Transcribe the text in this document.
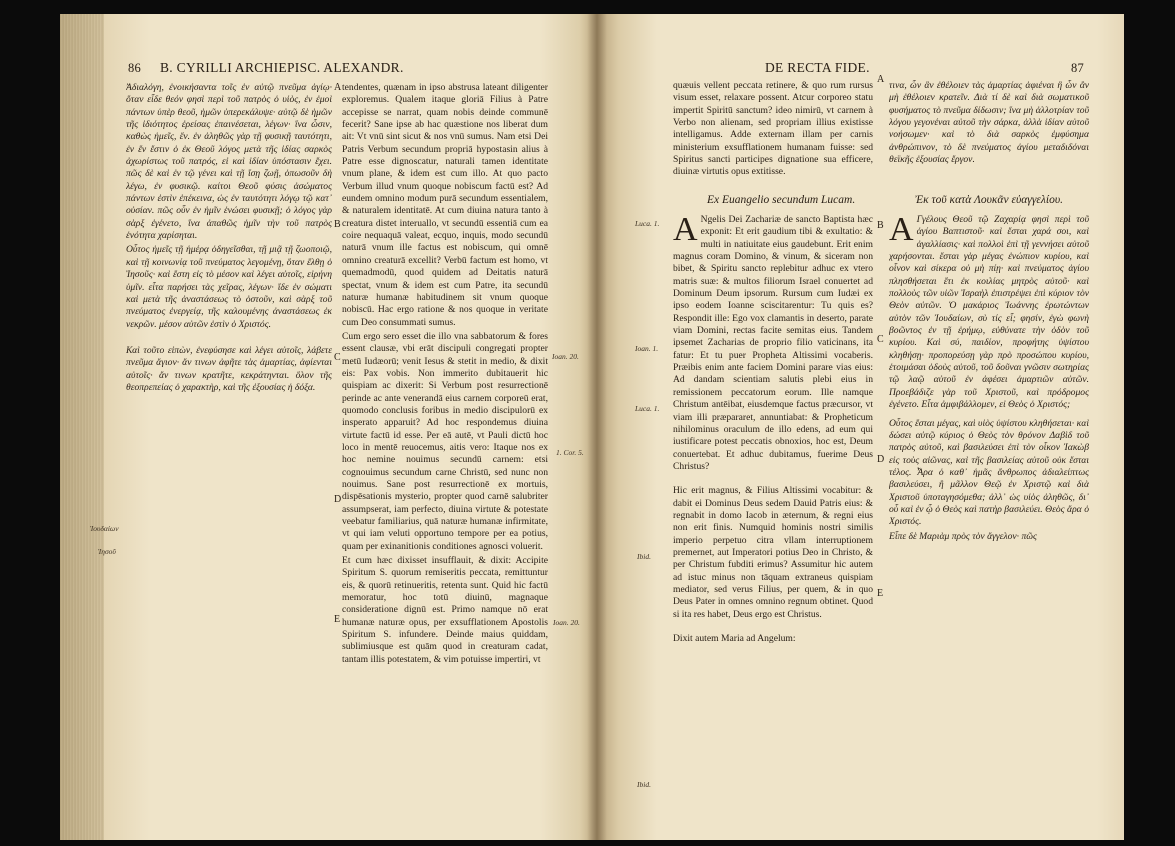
86 B. CYRILLI ARCHIEPISC. ALEXANDR.

Ἀδιαλόγη, ἐνοικήσαντα τοῖς ἐν αὐτῷ πνεῦμα ἀγίῳ· ὅταν εἶδε θεόν φησὶ περὶ τοῦ πατρὸς ὁ υἱὸς, ἐν ἐμοὶ πάντων ὑπὲρ θεοῦ, ἡμῶν ὑπερεκάλυψε· αὐτῷ δὲ ἡμῶν τῆς ἰδιότητος ἐρείσας ἐπαινέσεται, λέγων· ἵνα ὦσιν, καθὼς ἡμεῖς, ἕν. ἐν ἀληθῶς γὰρ τῇ φυσικῇ ταυτότητι, ἐν ἕν ἔστιν ὁ ἐκ Θεοῦ λόγος μετὰ τῆς ἰδίας σαρκὸς ἀχωρίστως τοῦ πατρός, εἰ καὶ ἰδίαν ὑπόστασιν ἔχει. πῶς δὲ καὶ ἐν τῷ γένει καὶ τῇ ἴσῃ ζωῇ, ὁπωσοῦν δὴ λέγω, ἐν φυσικῷ. καίτοι Θεοῦ φύσις ἀσώματος πάντων ἐστὶν ἐπέκεινα, ὡς ἐν ταυτότητι λόγῳ τῷ κατ᾽ οὐσίαν. πῶς οὖν ἐν ἡμῖν ἑνώσει φυσικῇ; ὁ λόγος γὰρ σὰρξ ἐγένετο, ἵνα ἀπαθῶς ἡμῖν τὴν τοῦ πατρὸς ἑνότητα χαρίσηται.

Οὗτος ἡμεῖς τῇ ἡμέρᾳ ὁδηγεῖσθαι, τῇ μιᾷ τῇ ζωοποιῷ, καὶ τῇ κοινωνίᾳ τοῦ πνεύματος λεγομένῃ, ὅταν ἔλθῃ ὁ Ἰησοῦς· καὶ ἔστη εἰς τὸ μέσον καὶ λέγει αὐτοῖς, εἰρήνη ὑμῖν. εἶτα παρήσει τὰς χεῖρας, λέγων· ἴδε ἐν σώματι καὶ μετὰ τῆς ἀναστάσεως τὸ ὀστοῦν, καὶ σὰρξ τοῦ πνεύματος ἐνεργείᾳ, τῆς καλουμένης ἀναστάσεως ἐκ νεκρῶν. μέσον αὐτῶν ἐστὶν ὁ Χριστός.

Καὶ τοῦτο εἰπὼν, ἐνεφύσησε καὶ λέγει αὐτοῖς, λάβετε πνεῦμα ἅγιον· ἄν τινων ἀφῆτε τὰς ἁμαρτίας, ἀφίενται αὐτοῖς· ἄν τινων κρατῆτε, κεκράτηνται. ὅλον τῆς θεοπρεπείας ὁ χαρακτὴρ, καὶ τῆς ἐξουσίας ἡ δόξα.

tendentes, quænam in ipso abstrusa lateant diligenter exploremus. Qualem itaque gloriā Filius à Patre accepisse se narrat, quam nobis deinde communē fecerit? Sane ipse ab hac quæstione nos liberat dum ait: Vt vnū sint sicut & nos vnū sumus. Nam etsi Dei Patris Verbum secundum propriā hypostasin alius à Patre esse dignoscatur, naturali tamen identitate vnum plane, & idem est cum illo. At quo pacto Verbum illud vnum quoque nobiscum factū est? Ad eundem omnino modum purā secundum essentialem, & naturalem identitatē. At cum diuina natura tanto à creatura distet interuallo, vt secundū essentiā cum ea coire nequaquā valeat, ecquo, inquis, modo secundū naturā vnum ille factus est nobiscum, qui omnē omnino creaturā excellit? Verbū factum est homo, vt quemadmodū, quod quidem ad Deitatis naturā spectat, vnum & idem est cum Patre, ita secundū naturæ humanæ habitudinem sit vnum quoque nobiscū. Hac ergo ratione & nos quoque in veritate cum Deo consummati sumus.

Cum ergo sero esset die illo vna sabbatorum & fores essent clausæ, vbi erāt discipuli congregati propter metū Iudæorū; venit Iesus & stetit in medio, & dixit eis: Pax vobis. Non immerito dubitauerit hic quispiam ac dixerit: Si Verbum post resurrectionē perinde ac ante venerandā eius carnem corporeū erat, quomodo conclusis foribus in medio discipulorū ex insperato apparuit? Ad hoc respondemus diuina virtute factū id esse. Per eā autē, vt Pauli dictū hoc loco in mentē reuocemus, aitis vero: Itaque nos ex hoc nemine nouimus secundū carnem: etsi cognouimus secundum carne Christū, sed nunc non nouimus. Sane post resurrectionē ex mortuis, dispēsationis mysterio, propter quod carnē salubriter assumpserat, iam perfecto, diuina virtute & potestate veebatur familiarius, quā naturæ humanæ infirmitate, vt qui iam veluti opportuno tempore per ea potius, quam per exinanitionis conditiones agnosci voluerit.

Et cum hæc dixisset insufflauit, & dixit: Accipite Spiritum S. quorum remiseritis peccata, remittuntur eis, & quorū retinueritis, retenta sunt. Quid hic factū memoratur, hoc totū diuinū, magnaque consideratione dignū est. Primo namque nō erat humanæ naturæ opus, per exsufflationem Apostolis Spiritum S. infundere. Deinde maius quiddam, sublimiusque est quām quod in creaturam cadat, tantam illis potestatem, & vim potuisse impertiri, vt

A
B
C
D
E
Ioan. 20.
1. Cor. 5.
Ioan. 20.
Ἰουδαίων
Ἰησοῦ
DE RECTA FIDE.	87
quæuis vellent peccata retinere, & quo rum rursus visum esset, relaxare possent. Atcur corporeo statu impertit Spiritū sanctum? ideo nimirū, vt carnem à Verbo non alienam, sed propriam illius existisse intelligamus. Adde externam illam per carnis ministerium exsufflationem humanam fuisse: sed Spiritus sancti participes dignatione sua efficere, diuinæ virtutis opus extitisse.
τινα, ὧν ἂν ἐθέλοιεν τὰς ἁμαρτίας ἀφιέναι ἢ ὧν ἂν μὴ ἐθέλοιεν κρατεῖν. Διὰ τί δὲ καὶ διὰ σωματικοῦ φυσήματος τὸ πνεῦμα δίδωσιν; ἵνα μὴ ἀλλοτρίαν τοῦ λόγου γεγονέναι αὐτοῦ τὴν σάρκα, ἀλλὰ ἰδίαν αὐτοῦ νοήσωμεν· καὶ τὸ διὰ σαρκὸς ἐμφύσημα ἀνθρώπινον, τὸ δὲ πνεύματος ἁγίου μεταδιδόναι θεϊκῆς ἐξουσίας ἔργον.
Ex Euangelio secundum Lucam.	Ἐκ τοῦ κατὰ Λουκᾶν εὐαγγελίου.

A Ngelis Dei Zachariæ de sancto Baptista hæc exponit: Et erit gaudium tibi & exultatio: & multi in natiuitate eius gaudebunt. Erit enim magnus coram Domino, & vinum, & siceram non bibet, & Spiritu sancto replebitur adhuc ex vtero matris suæ: & multos filiorum Israel conuertet ad Dominum Deum ipsorum. Rursum cum Iudæi ex ipso eodem Ioanne sciscitarentur: Tu quis es? Respondit ille: Ego vox clamantis in deserto, parate viam Domini, rectas facite semitas eius. Tandem ipsemet Zacharias de proprio filio vaticinans, ita fatur: Et tu puer Propheta Altissimi vocaberis. Præibis enim ante faciem Domini parare vias eius: Ad dandam scientiam salutis plebi eius in remissionem peccatorum eorum. Ille namque Christum antēibat, eiusdemque factus præcursor, vt viam illi præpararet, annuntiabat: & Propheticum nihilominus oraculum de illo edens, ad eum qui iustificare potest peccatis obnoxios, hoc est, Deum conuertebat. Et adhuc dubitamus, fuerime Deus Christus?

Hic erit magnus, & Filius Altissimi vocabitur: & dabit ei Dominus Deus sedem Dauid Patris eius: & regnabit in domo Iacob in æternum, & regni eius non erit finis. Numquid hominis nostri similis imperio perpetuo citra vllam interruptionem premernet, aut Imperatori potius Deo in Christo, & per Christum fubditi erimus? Assumitur hic autem ad istuc minus non tāquam extraneus quispiam mediator, sed verus Filius, per quem, & in quo Deus Pater in omnes omnino regnum obtinet. Quod si ita res habet, Deus ergo est Christus.

Dixit autem Maria ad Angelum:

A Γγέλους Θεοῦ τῷ Ζαχαρίᾳ φησὶ περὶ τοῦ ἁγίου Βαπτιστοῦ· καὶ ἔσται χαρά σοι, καὶ ἀγαλλίασις· καὶ πολλοὶ ἐπὶ τῇ γεννήσει αὐτοῦ χαρήσονται. ἔσται γὰρ μέγας ἐνώπιον κυρίου, καὶ οἶνον καὶ σίκερα οὐ μὴ πίῃ· καὶ πνεύματος ἁγίου πλησθήσεται ἔτι ἐκ κοιλίας μητρὸς αὐτοῦ· καὶ πολλοὺς τῶν υἱῶν Ἰσραὴλ ἐπιστρέψει ἐπὶ κύριον τὸν Θεὸν αὐτῶν. Ὁ μακάριος Ἰωάννης ἐρωτώντων αὐτὸν τῶν Ἰουδαίων, σὺ τίς εἶ; φησίν, ἐγὼ φωνὴ βοῶντος ἐν τῇ ἐρήμῳ, εὐθύνατε τὴν ὁδὸν τοῦ κυρίου. Καὶ σύ, παιδίον, προφήτης ὑψίστου κληθήσῃ· προπορεύσῃ γὰρ πρὸ προσώπου κυρίου, ἑτοιμάσαι ὁδοὺς αὐτοῦ, τοῦ δοῦναι γνῶσιν σωτηρίας τῷ λαῷ αὐτοῦ ἐν ἀφέσει ἁμαρτιῶν αὐτῶν. Προεβάδιζε γὰρ τοῦ Χριστοῦ, καὶ πρόδρομος ἐγένετο. Εἶτα ἀμφιβάλλομεν, εἰ Θεὸς ὁ Χριστός;

Οὗτος ἔσται μέγας, καὶ υἱὸς ὑψίστου κληθήσεται· καὶ δώσει αὐτῷ κύριος ὁ Θεὸς τὸν θρόνον Δαβὶδ τοῦ πατρὸς αὐτοῦ, καὶ βασιλεύσει ἐπὶ τὸν οἶκον Ἰακὼβ εἰς τοὺς αἰῶνας, καὶ τῆς βασιλείας αὐτοῦ οὐκ ἔσται τέλος. Ἆρα ὁ καθ᾽ ἡμᾶς ἄνθρωπος ἀδιαλείπτως βασιλεύσει, ἢ μᾶλλον Θεῷ ἐν Χριστῷ καὶ διὰ Χριστοῦ ὑποταγησόμεθα; ἀλλ᾽ ὡς υἱὸς ἀληθῶς, δι᾽ οὗ καὶ ἐν ᾧ ὁ Θεὸς καὶ πατὴρ βασιλεύει. Θεὸς ἄρα ὁ Χριστός.

Εἶπε δὲ Μαριὰμ πρὸς τὸν ἄγγελον· πῶς

A
B
C
D
E
Luca. 1.
Ioan. 1.
Luca. 1.
Ibid.
Ibid.
